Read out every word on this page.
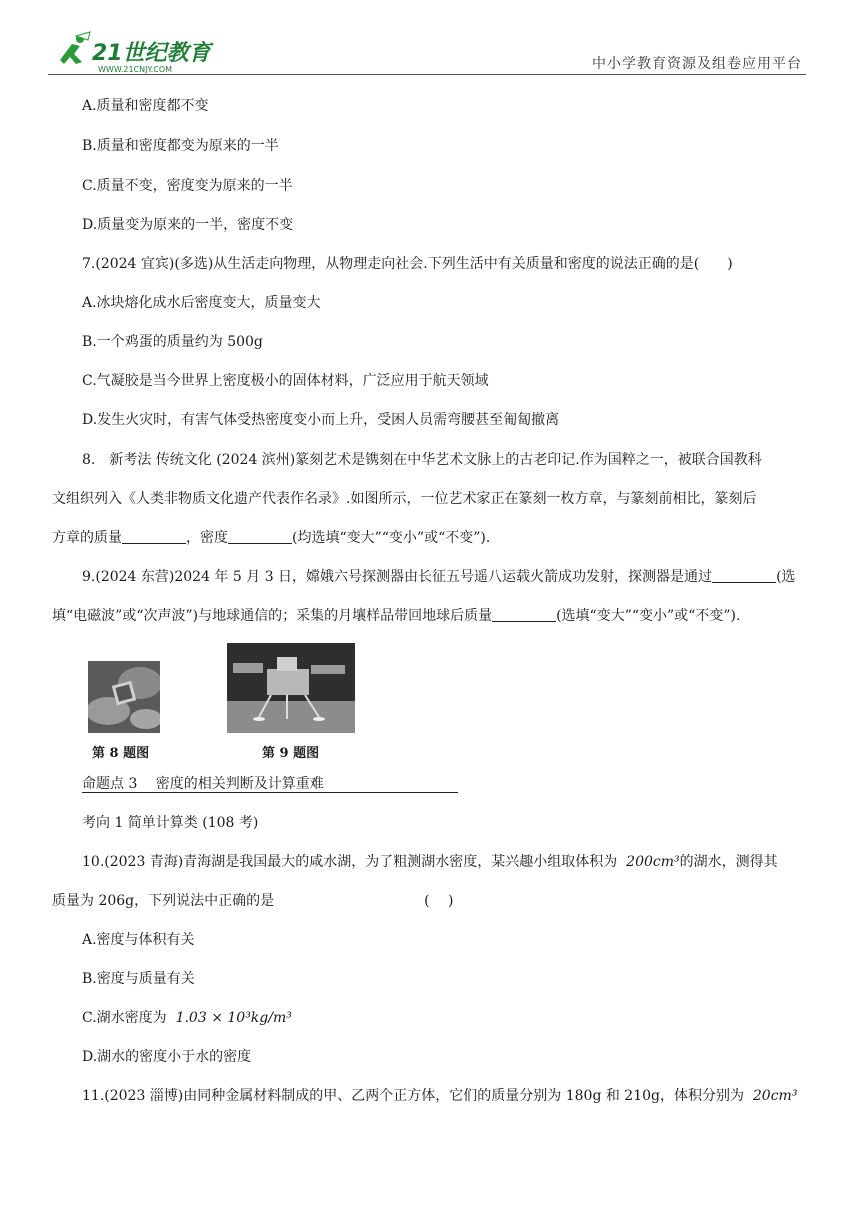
21世纪教育
WWW.21CNJY.COM	中小学教育资源及组卷应用平台
A.质量和密度都不变
B.质量和密度都变为原来的一半
C.质量不变，密度变为原来的一半
D.质量变为原来的一半，密度不变
7.(2024 宜宾)(多选)从生活走向物理，从物理走向社会.下列生活中有关质量和密度的说法正确的是(　　)
A.冰块熔化成水后密度变大，质量变大
B.一个鸡蛋的质量约为 500g
C.气凝胶是当今世界上密度极小的固体材料，广泛应用于航天领域
D.发生火灾时，有害气体受热密度变小而上升，受困人员需弯腰甚至匍匐撤离
8.　新考法 传统文化 (2024 滨州)篆刻艺术是镌刻在中华艺术文脉上的古老印记.作为国粹之一，被联合国教科
文组织列入《人类非物质文化遗产代表作名录》.如图所示，一位艺术家正在篆刻一枚方章，与篆刻前相比，篆刻后
方章的质量	，密度	(均选填“变大”“变小”或“不变”).
9.(2024 东营)2024 年 5 月 3 日，嫦娥六号探测器由长征五号遥八运载火箭成功发射，探测器是通过	(选
填“电磁波”或“次声波”)与地球通信的；采集的月壤样品带回地球后质量	(选填“变大”“变小”或“不变”).
第 8 题图	第 9 题图
命题点 3　 密度的相关判断及计算重难
考向 1 简单计算类 (108 考)
10.(2023 青海)青海湖是我国最大的咸水湖，为了粗测湖水密度，某兴趣小组取体积为 200cm³的湖水，测得其
质量为 206g，下列说法中正确的是	(　 )
A.密度与体积有关
B.密度与质量有关
C.湖水密度为 1.03 × 10³kg/m³
D.湖水的密度小于水的密度
11.(2023 淄博)由同种金属材料制成的甲、乙两个正方体，它们的质量分别为 180g 和 210g，体积分别为 20cm³
